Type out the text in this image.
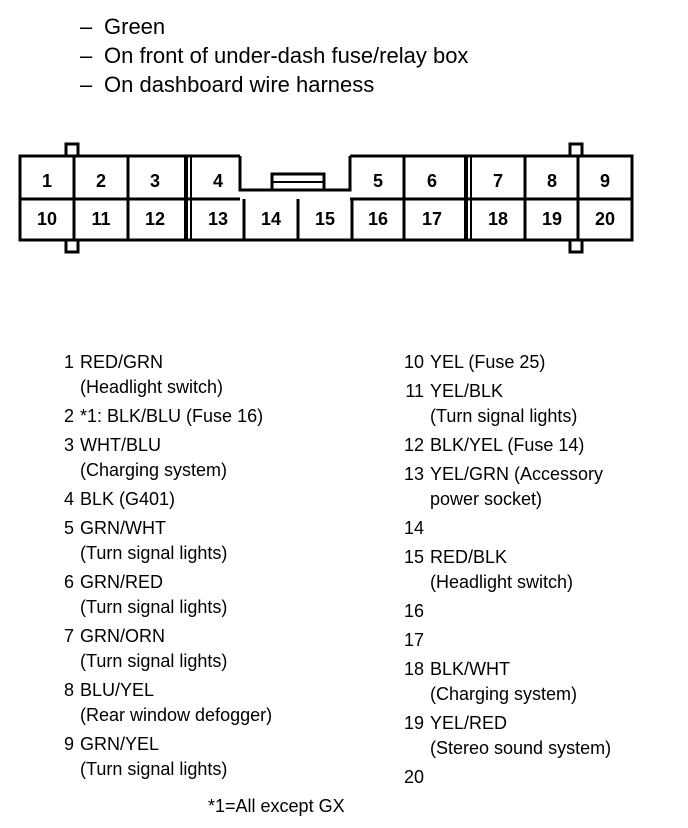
– Green
– On front of under-dash fuse/relay box
– On dashboard wire harness
1 2 3	4	5 6	7 8 9
10 11 12 13 14 15 16 17	18 19 20
1 RED/GRN
(Headlight switch)
2 *1: BLK/BLU (Fuse 16)
3 WHT/BLU
(Charging system)
4 BLK (G401)
5 GRN/WHT
(Turn signal lights)
6 GRN/RED
(Turn signal lights)
7 GRN/ORN
(Turn signal lights)
8 BLU/YEL
(Rear window defogger)
9 GRN/YEL
(Turn signal lights)
10 YEL (Fuse 25)
11 YEL/BLK
(Turn signal lights)
12 BLK/YEL (Fuse 14)
13 YEL/GRN (Accessory
power socket)
14

15 RED/BLK
(Headlight switch)
16

17

18 BLK/WHT
(Charging system)
19 YEL/RED
(Stereo sound system)
20

*1=All except GX
